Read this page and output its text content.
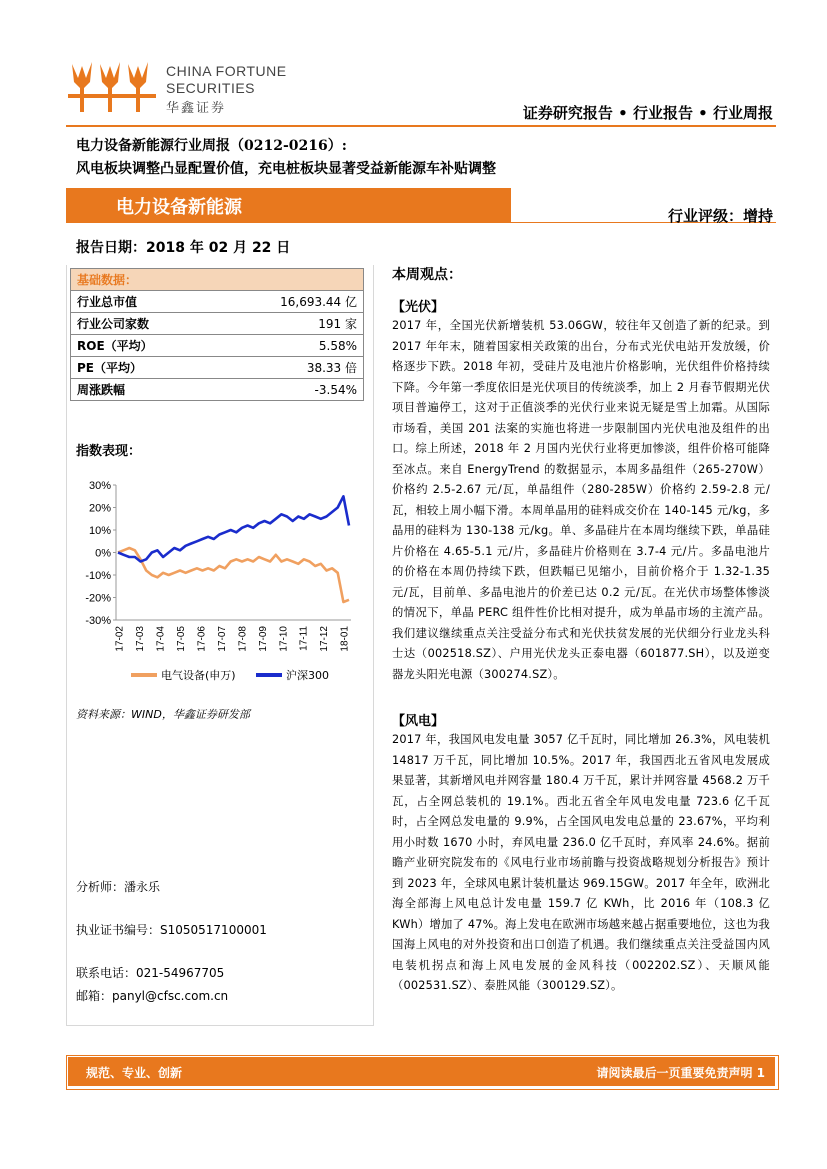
CHINA FORTUNE
SECURITIES
华鑫证券	证券研究报告 • 行业报告 • 行业周报
电力设备新能源行业周报（0212-0216）:
风电板块调整凸显配置价值，充电桩板块显著受益新能源车补贴调整
电力设备新能源	行业评级：增持
报告日期：2018 年 02 月 22 日
基础数据：	
行业总市值	16,693.44 亿
行业公司家数	191 家
ROE（平均）	5.58%
PE（平均）	38.33 倍
周涨跌幅	-3.54%
指数表现：
30%
20%
10%
0%
-10%
-20%
-30%
17-02 17-03 17-04 17-05 17-06 17-07 17-08 17-09 17-10 17-11 17-12 18-01
电气设备(申万)	沪深300
资料来源：WIND，华鑫证券研发部
分析师：潘永乐
执业证书编号：S1050517100001
联系电话：021-54967705
邮箱：panyl@cfsc.com.cn
本周观点：
【光伏】
2017 年，全国光伏新增装机 53.06GW，较往年又创造了新的纪录。到 2017 年年末，随着国家相关政策的出台，分布式光伏电站开发放缓，价格逐步下跌。2018 年初，受硅片及电池片价格影响，光伏组件价格持续下降。今年第一季度依旧是光伏项目的传统淡季，加上 2 月春节假期光伏项目普遍停工，这对于正值淡季的光伏行业来说无疑是雪上加霜。从国际市场看，美国 201 法案的实施也将进一步限制国内光伏电池及组件的出口。综上所述，2018 年 2 月国内光伏行业将更加惨淡，组件价格可能降至冰点。来自 EnergyTrend 的数据显示，本周多晶组件（265-270W）价格约 2.5-2.67 元/瓦，单晶组件（280-285W）价格约 2.59-2.8 元/瓦，相较上周小幅下滑。本周单晶用的硅料成交价在 140-145 元/kg，多晶用的硅料为 130-138 元/kg。单、多晶硅片在本周均继续下跌，单晶硅片价格在 4.65-5.1 元/片，多晶硅片价格则在 3.7-4 元/片。多晶电池片的价格在本周仍持续下跌，但跌幅已见缩小，目前价格介于 1.32-1.35 元/瓦，目前单、多晶电池片的价差已达 0.2 元/瓦。在光伏市场整体惨淡的情况下，单晶 PERC 组件性价比相对提升，成为单晶市场的主流产品。我们建议继续重点关注受益分布式和光伏扶贫发展的光伏细分行业龙头科士达（002518.SZ）、户用光伏龙头正泰电器（601877.SH），以及逆变器龙头阳光电源（300274.SZ）。
【风电】
2017 年，我国风电发电量 3057 亿千瓦时，同比增加 26.3%，风电装机 14817 万千瓦，同比增加 10.5%。2017 年，我国西北五省风电发展成果显著，其新增风电并网容量 180.4 万千瓦，累计并网容量 4568.2 万千瓦，占全网总装机的 19.1%。西北五省全年风电发电量 723.6 亿千瓦时，占全网总发电量的 9.9%，占全国风电发电总量的 23.67%，平均利用小时数 1670 小时，弃风电量 236.0 亿千瓦时，弃风率 24.6%。据前瞻产业研究院发布的《风电行业市场前瞻与投资战略规划分析报告》预计到 2023 年，全球风电累计装机量达 969.15GW。2017 年全年，欧洲北海全部海上风电总计发电量 159.7 亿 KWh，比 2016 年（108.3 亿 KWh）增加了 47%。海上发电在欧洲市场越来越占据重要地位，这也为我国海上风电的对外投资和出口创造了机遇。我们继续重点关注受益国内风电装机拐点和海上风电发展的金风科技（002202.SZ）、天顺风能（002531.SZ）、泰胜风能（300129.SZ）。
规范、专业、创新	请阅读最后一页重要免责声明 1
